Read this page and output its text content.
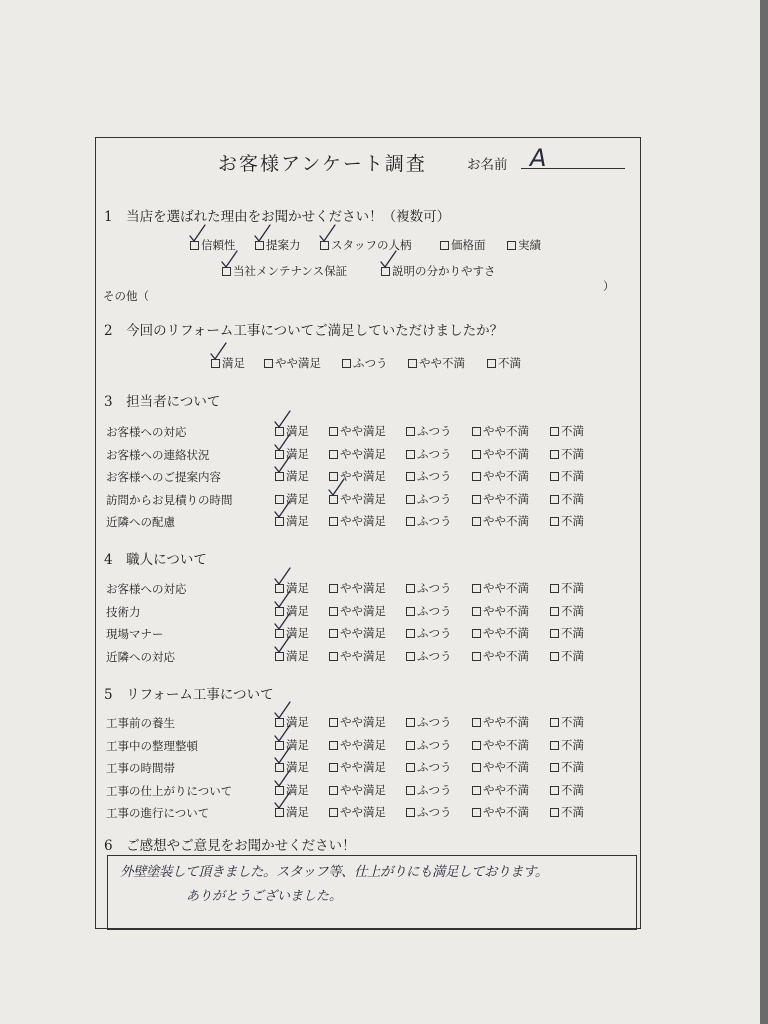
お客様アンケート調査	お名前 A
1　当店を選ばれた理由をお聞かせください！（複数可）
信頼性	提案力	スタッフの人柄	価格面	実績
当社メンテナンス保証	説明の分かりやすさ
その他（
）
2　今回のリフォーム工事についてご満足していただけましたか？
満足	やや満足	ふつう	やや不満	不満
3　担当者について
お客様への対応	満足	やや満足	ふつう	やや不満	不満
お客様への連絡状況	満足	やや満足	ふつう	やや不満	不満
お客様へのご提案内容	満足	やや満足	ふつう	やや不満	不満
訪問からお見積りの時間	満足	やや満足	ふつう	やや不満	不満
近隣への配慮	満足	やや満足	ふつう	やや不満	不満
4　職人について
お客様への対応	満足	やや満足	ふつう	やや不満	不満
技術力	満足	やや満足	ふつう	やや不満	不満
現場マナー	満足	やや満足	ふつう	やや不満	不満
近隣への対応	満足	やや満足	ふつう	やや不満	不満
5　リフォーム工事について
工事前の養生	満足	やや満足	ふつう	やや不満	不満
工事中の整理整頓	満足	やや満足	ふつう	やや不満	不満
工事の時間帯	満足	やや満足	ふつう	やや不満	不満
工事の仕上がりについて	満足	やや満足	ふつう	やや不満	不満
工事の進行について	満足	やや満足	ふつう	やや不満	不満
6　ご感想やご意見をお聞かせください！
外壁塗装して頂きました。スタッフ等、仕上がりにも満足しております。
ありがとうございました。
